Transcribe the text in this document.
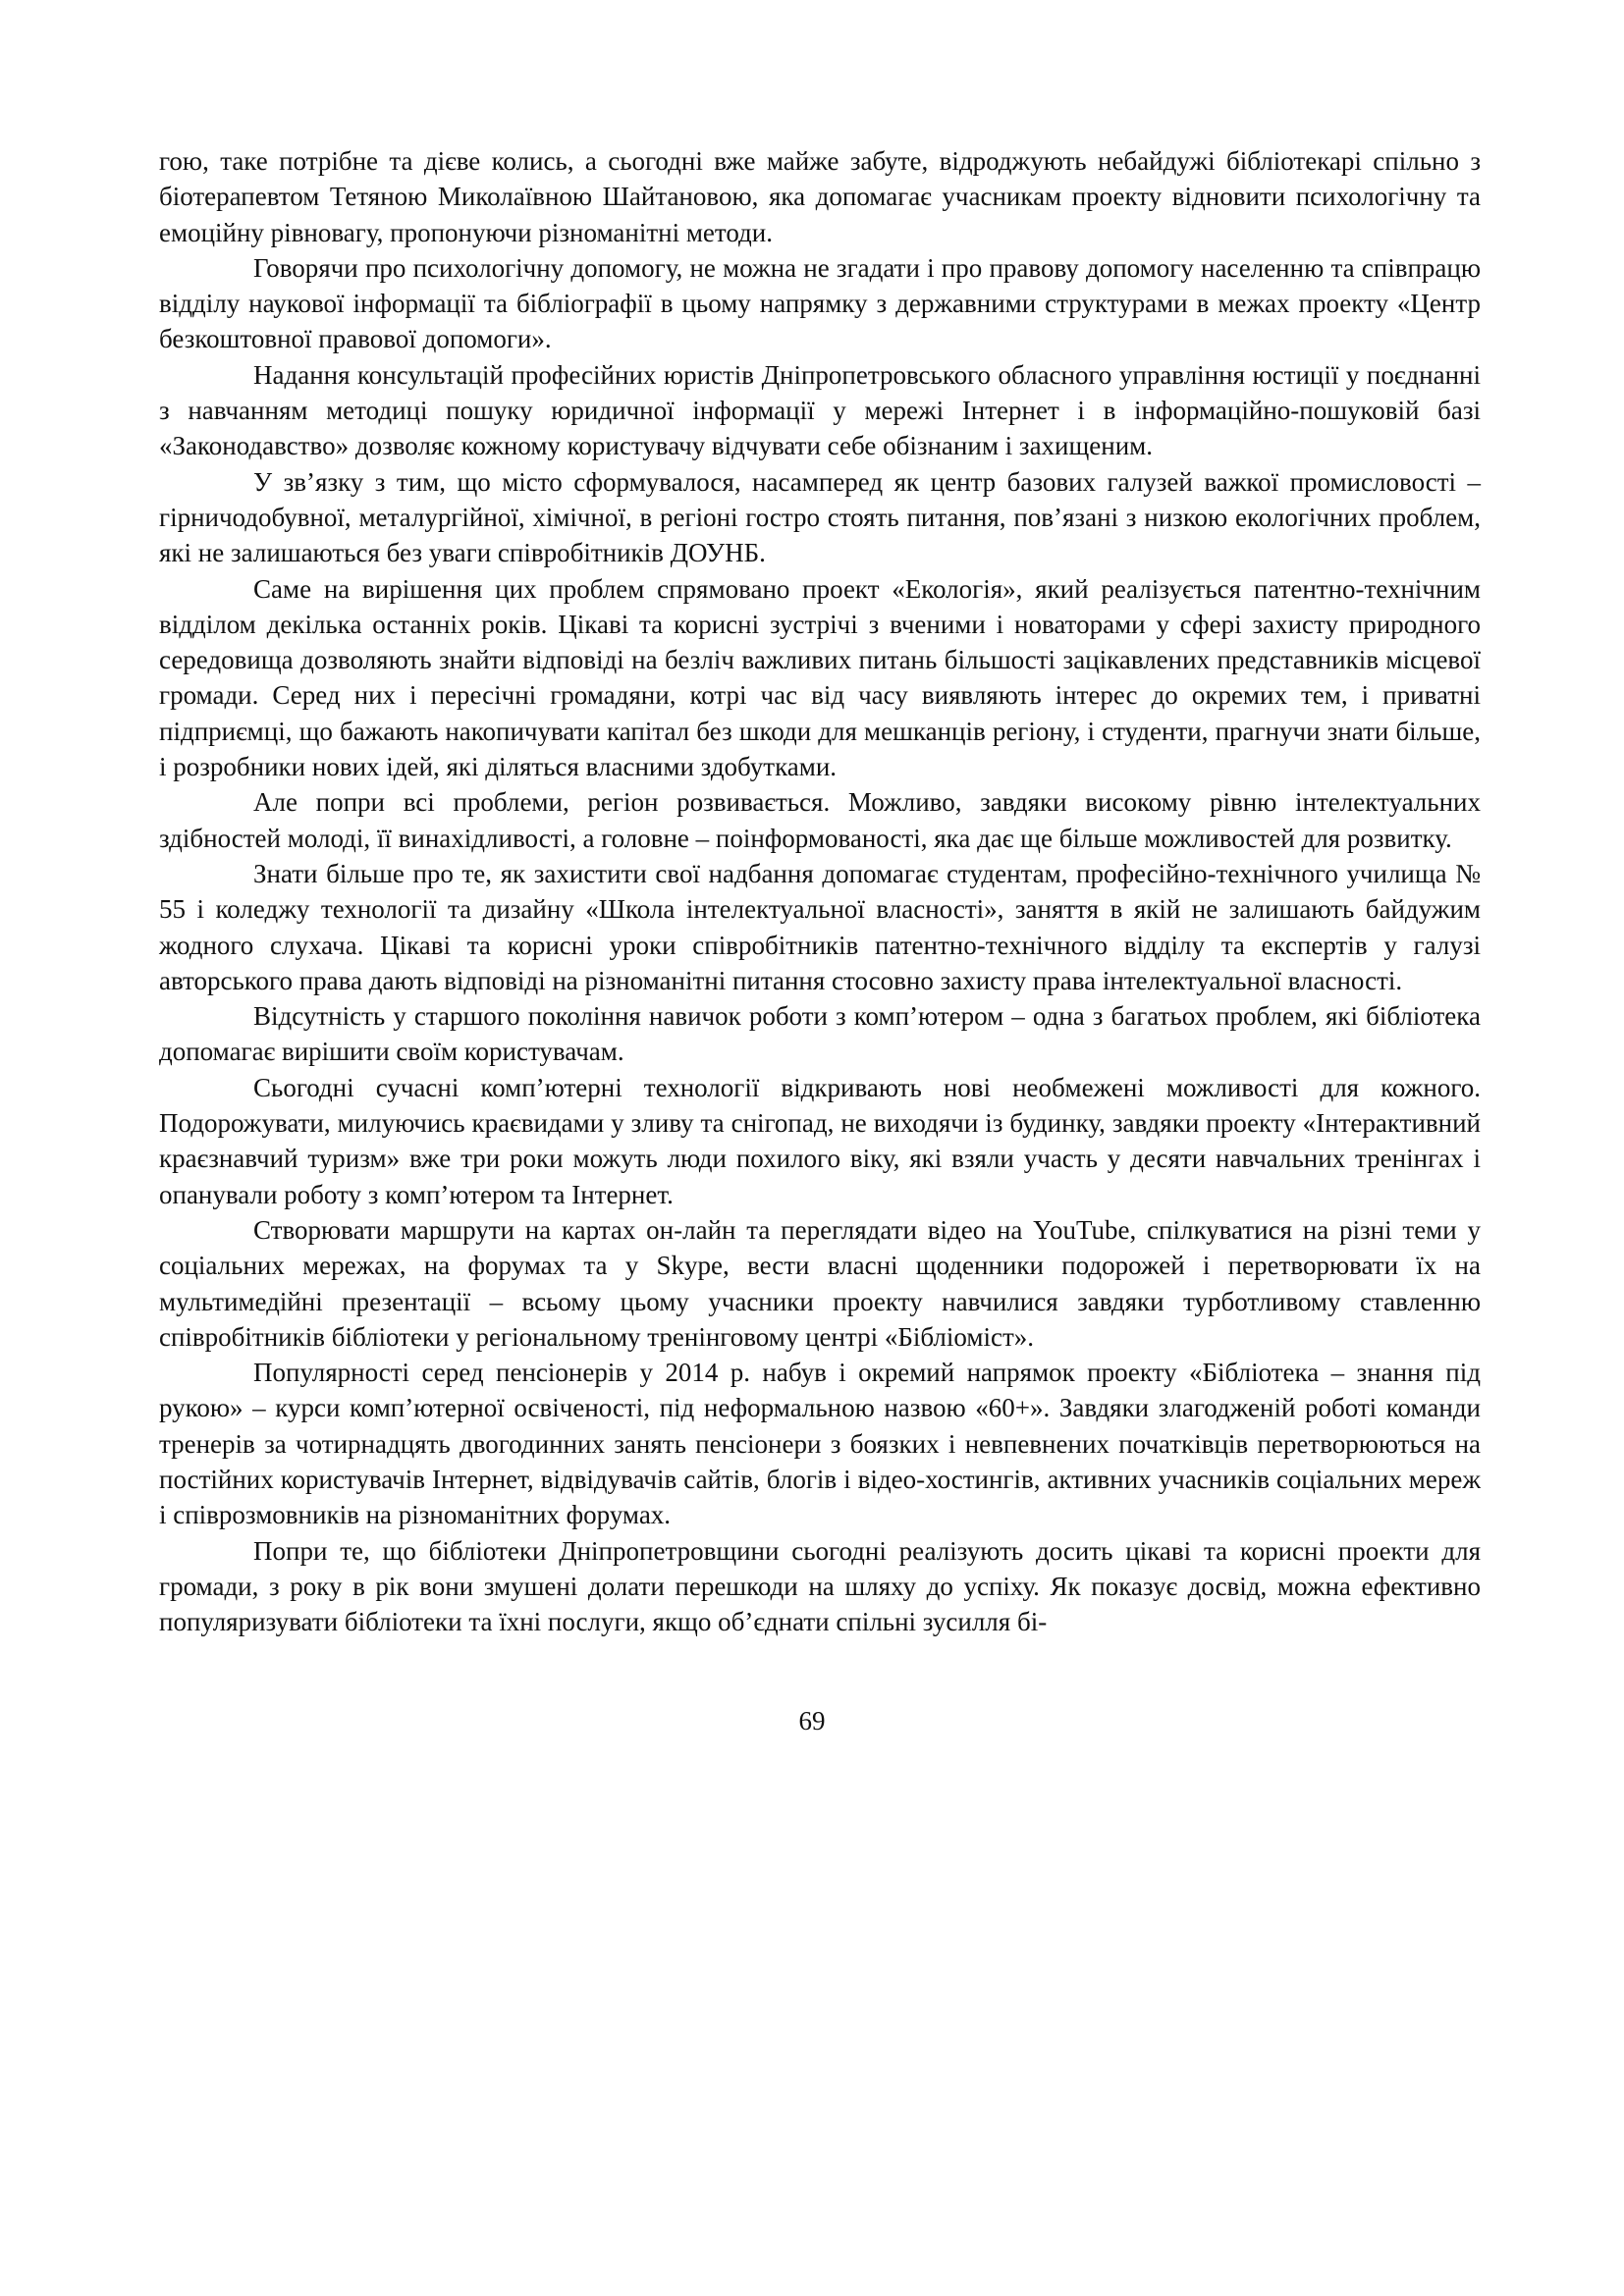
гою, таке потрібне та дієве колись, а сьогодні вже майже забуте, відроджують небайдужі бібліотекарі спільно з біотерапевтом Тетяною Миколаївною Шайтановою, яка допомагає учасникам проекту відновити психологічну та емоційну рівновагу, пропонуючи різноманітні методи.

Говорячи про психологічну допомогу, не можна не згадати і про правову допомогу населенню та співпрацю відділу наукової інформації та бібліографії в цьому напрямку з державними структурами в межах проекту «Центр безкоштовної правової допомоги».

Надання консультацій професійних юристів Дніпропетровського обласного управління юстиції у поєднанні з навчанням методиці пошуку юридичної інформації у мережі Інтернет і в інформаційно-пошуковій базі «Законодавство» дозволяє кожному користувачу відчувати себе обізнаним і захищеним.

У зв’язку з тим, що місто сформувалося, насамперед як центр базових галузей важкої промисловості – гірничодобувної, металургійної, хімічної, в регіоні гостро стоять питання, пов’язані з низкою екологічних проблем, які не залишаються без уваги співробітників ДОУНБ.

Саме на вирішення цих проблем спрямовано проект «Екологія», який реалізується патентно-технічним відділом декілька останніх років. Цікаві та корисні зустрічі з вченими і новаторами у сфері захисту природного середовища дозволяють знайти відповіді на безліч важливих питань більшості зацікавлених представників місцевої громади. Серед них і пересічні громадяни, котрі час від часу виявляють інтерес до окремих тем, і приватні підприємці, що бажають накопичувати капітал без шкоди для мешканців регіону, і студенти, прагнучи знати більше, і розробники нових ідей, які діляться власними здобутками.

Але попри всі проблеми, регіон розвивається. Можливо, завдяки високому рівню інтелектуальних здібностей молоді, її винахідливості, а головне – поінформованості, яка дає ще більше можливостей для розвитку.

Знати більше про те, як захистити свої надбання допомагає студентам, професійно-технічного училища № 55 і коледжу технології та дизайну «Школа інтелектуальної власності», заняття в якій не залишають байдужим жодного слухача. Цікаві та корисні уроки співробітників патентно-технічного відділу та експертів у галузі авторського права дають відповіді на різноманітні питання стосовно захисту права інтелектуальної власності.

Відсутність у старшого покоління навичок роботи з комп’ютером – одна з багатьох проблем, які бібліотека допомагає вирішити своїм користувачам.

Сьогодні сучасні комп’ютерні технології відкривають нові необмежені можливості для кожного. Подорожувати, милуючись краєвидами у зливу та снігопад, не виходячи із будинку, завдяки проекту «Інтерактивний краєзнавчий туризм» вже три роки можуть люди похилого віку, які взяли участь у десяти навчальних тренінгах і опанували роботу з комп’ютером та Інтернет.

Створювати маршрути на картах он-лайн та переглядати відео на YouTube, спілкуватися на різні теми у соціальних мережах, на форумах та у Skype, вести власні щоденники подорожей і перетворювати їх на мультимедійні презентації – всьому цьому учасники проекту навчилися завдяки турботливому ставленню співробітників бібліотеки у регіональному тренінговому центрі «Бібліоміст».

Популярності серед пенсіонерів у 2014 р. набув і окремий напрямок проекту «Бібліотека – знання під рукою» – курси комп’ютерної освіченості, під неформальною назвою «60+». Завдяки злагодженій роботі команди тренерів за чотирнадцять двогодинних занять пенсіонери з боязких і невпевнених початківців перетворюються на постійних користувачів Інтернет, відвідувачів сайтів, блогів і відео-хостингів, активних учасників соціальних мереж і співрозмовників на різноманітних форумах.

Попри те, що бібліотеки Дніпропетровщини сьогодні реалізують досить цікаві та корисні проекти для громади, з року в рік вони змушені долати перешкоди на шляху до успіху. Як показує досвід, можна ефективно популяризувати бібліотеки та їхні послуги, якщо об’єднати спільні зусилля бі-

69
